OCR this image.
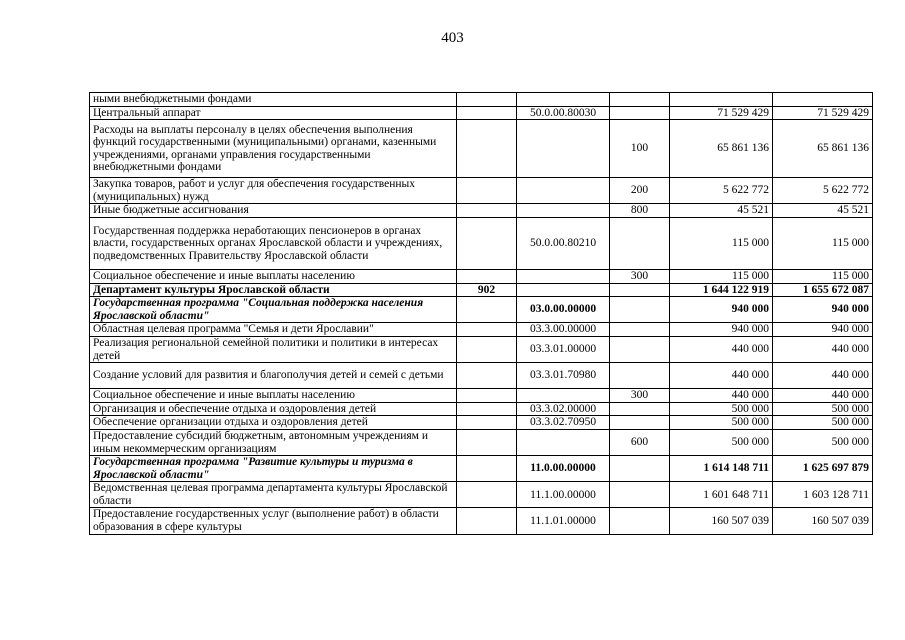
403
ными внебюджетными фондами					
Центральный аппарат		50.0.00.80030		71 529 429	71 529 429
Расходы на выплаты персоналу в целях обеспечения выполнения функций государственными (муниципальными) органами, казенными учреждениями, органами управления государственными внебюджетными фондами			100	65 861 136	65 861 136
Закупка товаров, работ и услуг для обеспечения государственных (муниципальных) нужд			200	5 622 772	5 622 772
Иные бюджетные ассигнования			800	45 521	45 521
Государственная поддержка неработающих пенсионеров в органах власти, государственных органах Ярославской области и учреждениях, подведомственных Правительству Ярославской области		50.0.00.80210		115 000	115 000
Социальное обеспечение и иные выплаты населению			300	115 000	115 000
Департамент культуры Ярославской области	902			1 644 122 919	1 655 672 087
Государственная программа "Социальная поддержка населения Ярославской области"		03.0.00.00000		940 000	940 000
Областная целевая программа "Семья и дети Ярославии"		03.3.00.00000		940 000	940 000
Реализация региональной семейной политики и политики в интересах детей		03.3.01.00000		440 000	440 000
Создание условий для развития и благополучия детей и семей с детьми		03.3.01.70980		440 000	440 000
Социальное обеспечение и иные выплаты населению			300	440 000	440 000
Организация и обеспечение отдыха и оздоровления детей		03.3.02.00000		500 000	500 000
Обеспечение организации отдыха и оздоровления детей		03.3.02.70950		500 000	500 000
Предоставление субсидий бюджетным, автономным учреждениям и иным некоммерческим организациям			600	500 000	500 000
Государственная программа "Развитие культуры и туризма в Ярославской области"		11.0.00.00000		1 614 148 711	1 625 697 879
Ведомственная целевая программа департамента культуры Ярославской области		11.1.00.00000		1 601 648 711	1 603 128 711
Предоставление государственных услуг (выполнение работ) в области образования в сфере культуры		11.1.01.00000		160 507 039	160 507 039
